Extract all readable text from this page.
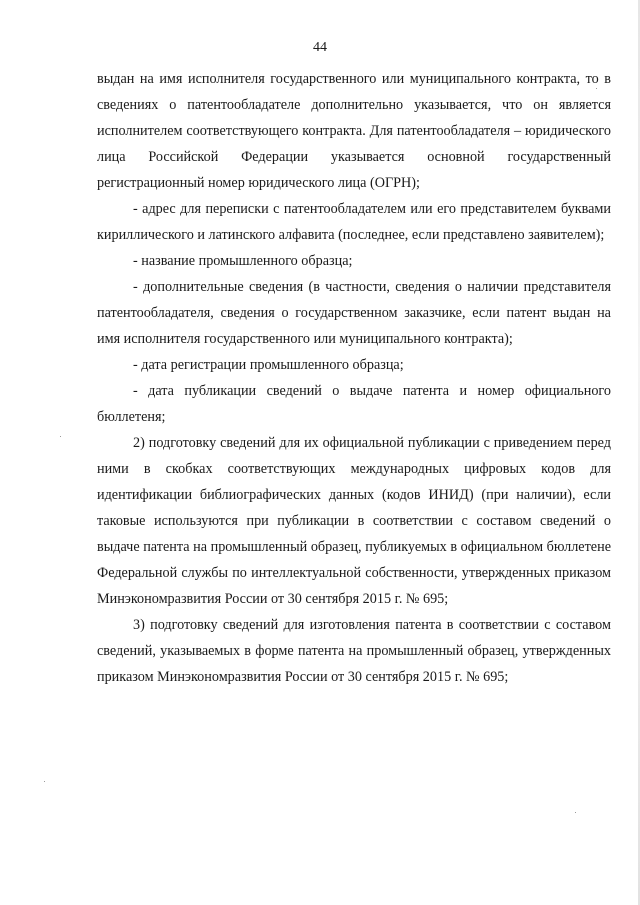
44

выдан на имя исполнителя государственного или муниципального контракта, то в сведениях о патентообладателе дополнительно указывается, что он является исполнителем соответствующего контракта. Для патентообладателя – юридического лица Российской Федерации указывается основной государственный регистрационный номер юридического лица (ОГРН);

- адрес для переписки с патентообладателем или его представителем буквами кириллического и латинского алфавита (последнее, если представлено заявителем);

- название промышленного образца;

- дополнительные сведения (в частности, сведения о наличии представителя патентообладателя, сведения о государственном заказчике, если патент выдан на имя исполнителя государственного или муниципального контракта);

- дата регистрации промышленного образца;

- дата публикации сведений о выдаче патента и номер официального бюллетеня;

2) подготовку сведений для их официальной публикации с приведением перед ними в скобках соответствующих международных цифровых кодов для идентификации библиографических данных (кодов ИНИД) (при наличии), если таковые используются при публикации в соответствии с составом сведений о выдаче патента на промышленный образец, публикуемых в официальном бюллетене Федеральной службы по интеллектуальной собственности, утвержденных приказом Минэкономразвития России от 30 сентября 2015 г. № 695;

3) подготовку сведений для изготовления патента в соответствии с составом сведений, указываемых в форме патента на промышленный образец, утвержденных приказом Минэкономразвития России от 30 сентября 2015 г. № 695;
